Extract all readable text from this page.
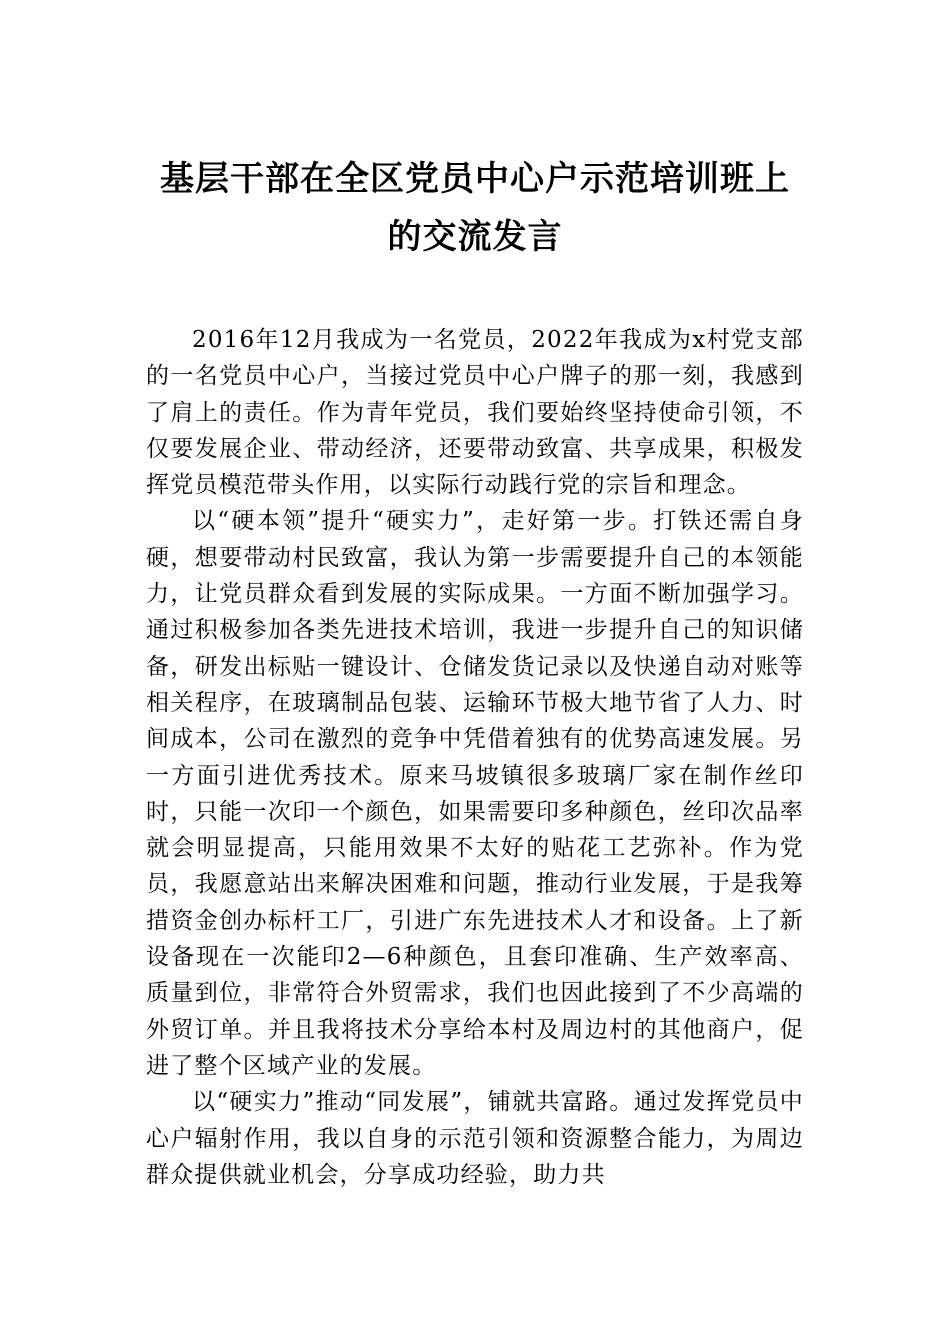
基层干部在全区党员中心户示范培训班上
的交流发言

2016年12月我成为一名党员，2022年我成为x村党支部的一名党员中心户，当接过党员中心户牌子的那一刻，我感到了肩上的责任。作为青年党员，我们要始终坚持使命引领，不仅要发展企业、带动经济，还要带动致富、共享成果，积极发挥党员模范带头作用，以实际行动践行党的宗旨和理念。

以“硬本领”提升“硬实力”，走好第一步。打铁还需自身硬，想要带动村民致富，我认为第一步需要提升自己的本领能力，让党员群众看到发展的实际成果。一方面不断加强学习。通过积极参加各类先进技术培训，我进一步提升自己的知识储备，研发出标贴一键设计、仓储发货记录以及快递自动对账等相关程序，在玻璃制品包装、运输环节极大地节省了人力、时间成本，公司在激烈的竞争中凭借着独有的优势高速发展。另一方面引进优秀技术。原来马坡镇很多玻璃厂家在制作丝印时，只能一次印一个颜色，如果需要印多种颜色，丝印次品率就会明显提高，只能用效果不太好的贴花工艺弥补。作为党员，我愿意站出来解决困难和问题，推动行业发展，于是我筹措资金创办标杆工厂，引进广东先进技术人才和设备。上了新设备现在一次能印2—6种颜色，且套印准确、生产效率高、质量到位，非常符合外贸需求，我们也因此接到了不少高端的外贸订单。并且我将技术分享给本村及周边村的其他商户，促进了整个区域产业的发展。

以“硬实力”推动“同发展”，铺就共富路。通过发挥党员中心户辐射作用，我以自身的示范引领和资源整合能力，为周边群众提供就业机会，分享成功经验，助力共
